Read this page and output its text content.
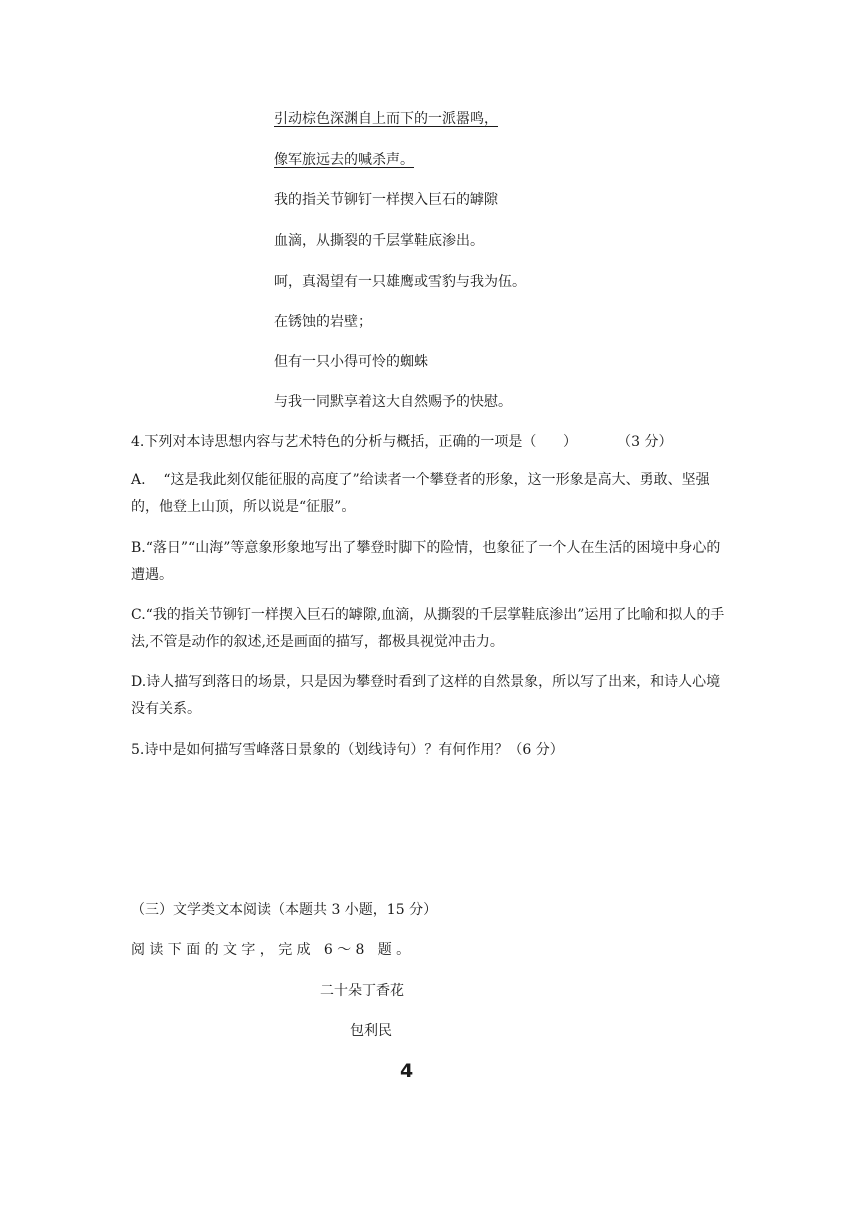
引动棕色深渊自上而下的一派嚣鸣，
像军旅远去的喊杀声。
我的指关节铆钉一样揳入巨石的罅隙
血滴，从撕裂的千层掌鞋底渗出。
呵，真渴望有一只雄鹰或雪豹与我为伍。
在锈蚀的岩壁；
但有一只小得可怜的蜘蛛
与我一同默享着这大自然赐予的快慰。
4.下列对本诗思想内容与艺术特色的分析与概括，正确的一项是（      ）         （3 分）
A.    “这是我此刻仅能征服的高度了”给读者一个攀登者的形象，这一形象是高大、勇敢、坚强的，他登上山顶，所以说是“征服”。
B.“落日”“山海”等意象形象地写出了攀登时脚下的险情，也象征了一个人在生活的困境中身心的遭遇。
C.“我的指关节铆钉一样揳入巨石的罅隙,血滴，从撕裂的千层掌鞋底渗出”运用了比喻和拟人的手法,不管是动作的叙述,还是画面的描写，都极具视觉冲击力。
D.诗人描写到落日的场景，只是因为攀登时看到了这样的自然景象，所以写了出来，和诗人心境没有关系。
5.诗中是如何描写雪峰落日景象的（划线诗句）？有何作用？（6 分）
（三）文学类文本阅读（本题共 3 小题，15 分）
阅读下面的文字，完成 6～8 题。
二十朵丁香花
包利民
4
